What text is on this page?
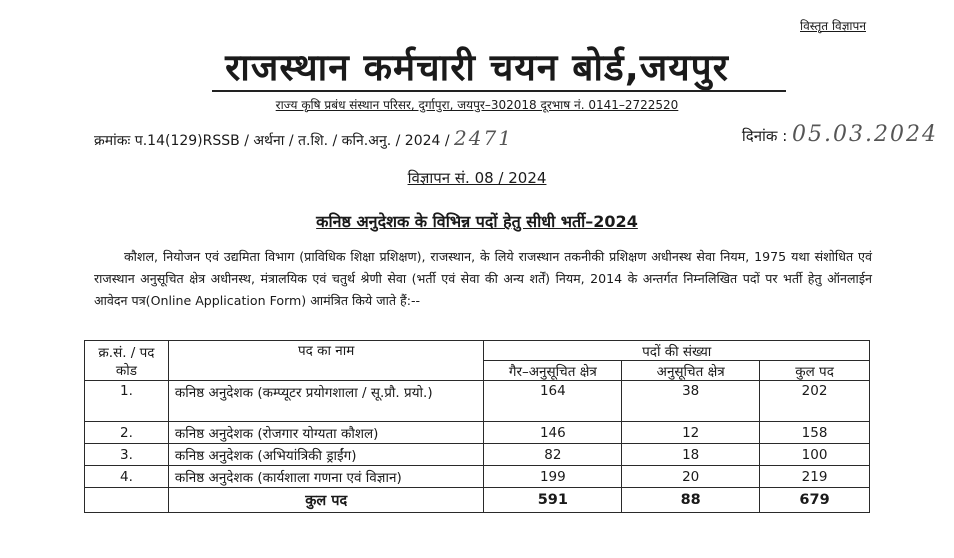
विस्तृत विज्ञापन
राजस्थान कर्मचारी चयन बोर्ड,जयपुर
राज्य कृषि प्रबंध संस्थान परिसर, दुर्गापुरा, जयपुर–302018 दूरभाष नं. 0141–2722520
क्रमांकः प.14(129)RSSB / अर्थना / त.शि. / कनि.अनु. / 2024 / 2471	दिनांक : 05.03.2024
विज्ञापन सं. 08 / 2024
कनिष्ठ अनुदेशक के विभिन्न पदों हेतु सीधी भर्ती–2024
कौशल, नियोजन एवं उद्यमिता विभाग (प्राविधिक शिक्षा प्रशिक्षण), राजस्थान, के लिये राजस्थान तकनीकी प्रशिक्षण अधीनस्थ सेवा नियम, 1975 यथा संशोधित एवं राजस्थान अनुसूचित क्षेत्र अधीनस्थ, मंत्रालयिक एवं चतुर्थ श्रेणी सेवा (भर्ती एवं सेवा की अन्य शर्तें) नियम, 2014 के अन्तर्गत निम्नलिखित पदों पर भर्ती हेतु ऑनलाईन आवेदन पत्र(Online Application Form) आमंत्रित किये जाते हैं:--
क्र.सं. / पद कोड	पद का नाम	पदों की संख्या		
		गैर–अनुसूचित क्षेत्र	अनुसूचित क्षेत्र	कुल पद
1.	कनिष्ठ अनुदेशक (कम्प्यूटर प्रयोगशाला / सू.प्रौ. प्रयो.)	164	38	202
2.	कनिष्ठ अनुदेशक (रोजगार योग्यता कौशल)	146	12	158
3.	कनिष्ठ अनुदेशक (अभियांत्रिकी ड्राईंग)	82	18	100
4.	कनिष्ठ अनुदेशक (कार्यशाला गणना एवं विज्ञान)	199	20	219
	कुल पद	591	88	679
